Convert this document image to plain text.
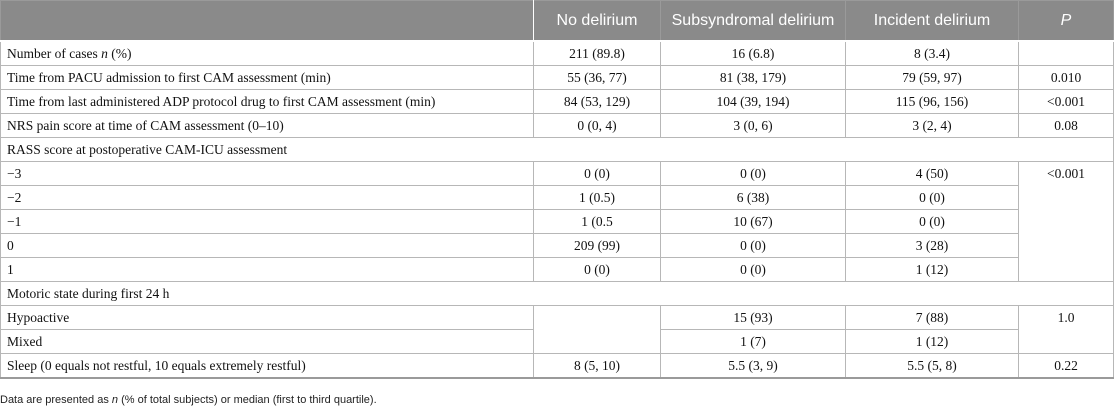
	No delirium	Subsyndromal delirium	Incident delirium	P
Number of cases n (%)	211 (89.8)	16 (6.8)	8 (3.4)	
Time from PACU admission to first CAM assessment (min)	55 (36, 77)	81 (38, 179)	79 (59, 97)	0.010
Time from last administered ADP protocol drug to first CAM assessment (min)	84 (53, 129)	104 (39, 194)	115 (96, 156)	<0.001
NRS pain score at time of CAM assessment (0–10)	0 (0, 4)	3 (0, 6)	3 (2, 4)	0.08
RASS score at postoperative CAM-ICU assessment				
−3	0 (0)	0 (0)	4 (50)	<0.001
−2	1 (0.5)	6 (38)	0 (0)	
−1	1 (0.5	10 (67)	0 (0)	
0	209 (99)	0 (0)	3 (28)	
1	0 (0)	0 (0)	1 (12)	
Motoric state during first 24 h				
Hypoactive		15 (93)	7 (88)	1.0
Mixed		1 (7)	1 (12)	
Sleep (0 equals not restful, 10 equals extremely restful)	8 (5, 10)	5.5 (3, 9)	5.5 (5, 8)	0.22
Data are presented as n (% of total subjects) or median (first to third quartile).
